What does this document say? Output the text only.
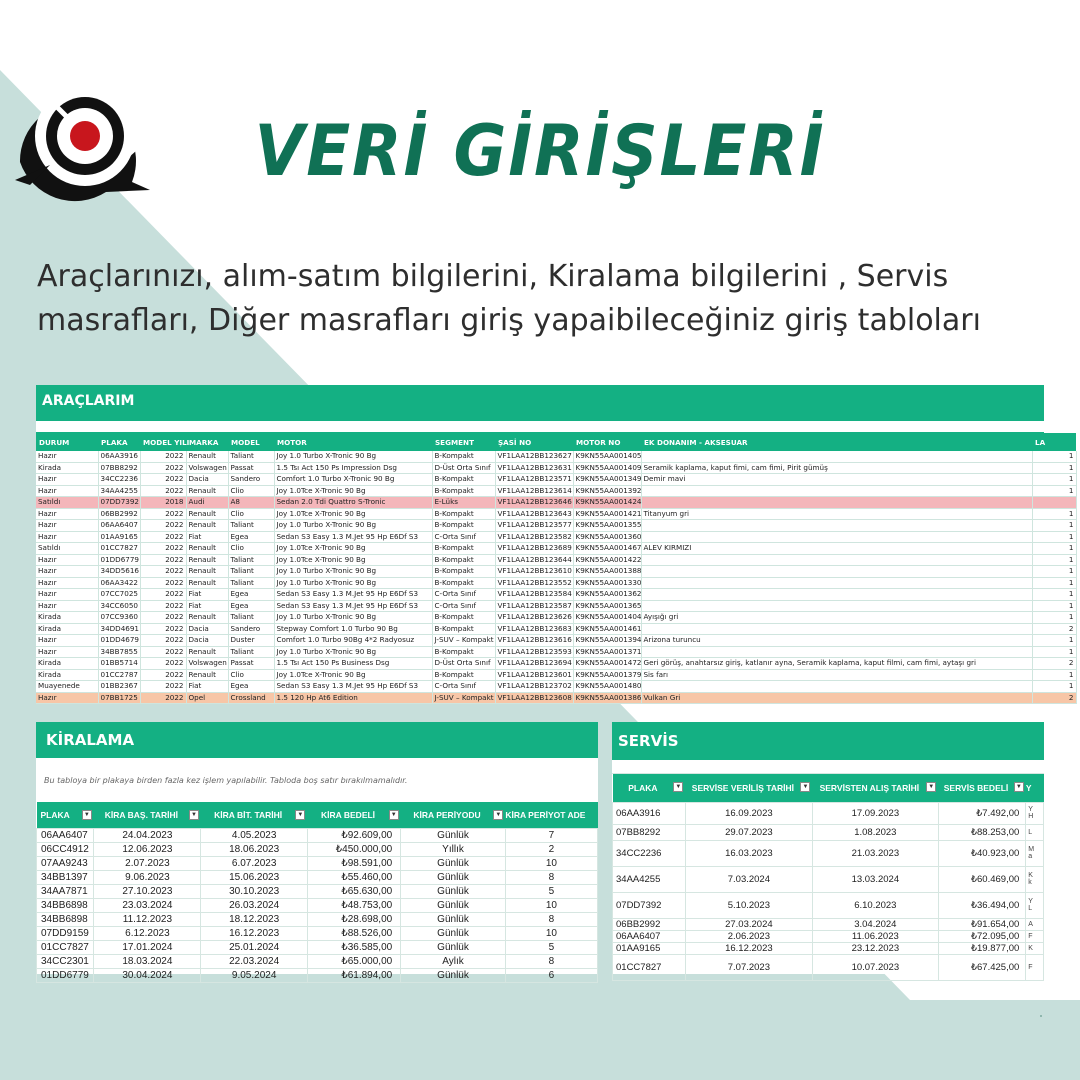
VERİ GİRİŞLERİ
Araçlarınızı, alım-satım bilgilerini, Kiralama bilgilerini , Servis masrafları, Diğer masrafları giriş yapaibileceğiniz giriş tabloları
ARAÇLARIM
DURUM	PLAKA	MODEL YILI	MARKA	MODEL	MOTOR	SEGMENT	ŞASİ NO	MOTOR NO	EK DONANIM - AKSESUAR	LA
Hazır	06AA3916	2022	Renault	Taliant	Joy 1.0 Turbo X-Tronic 90 Bg	B-Kompakt	VF1LAA12BB123627	K9KN55AA001405		1
Kirada	07BB8292	2022	Volswagen	Passat	1.5 Tsı Act 150 Ps Impression Dsg	D-Üst Orta Sınıf	VF1LAA12BB123631	K9KN55AA001409	Seramik kaplama, kaput fimi, cam fimi, Pirit gümüş	1
Hazır	34CC2236	2022	Dacia	Sandero	Comfort 1.0 Turbo X-Tronic 90 Bg	B-Kompakt	VF1LAA12BB123571	K9KN55AA001349	Demir mavi	1
Hazır	34AA4255	2022	Renault	Clio	Joy 1.0Tce X-Tronic 90 Bg	B-Kompakt	VF1LAA12BB123614	K9KN55AA001392		1
Satıldı	07DD7392	2018	Audi	A8	Sedan 2.0 Tdi Quattro S-Tronic	E-Lüks	VF1LAA12BB123646	K9KN55AA001424		
Hazır	06BB2992	2022	Renault	Clio	Joy 1.0Tce X-Tronic 90 Bg	B-Kompakt	VF1LAA12BB123643	K9KN55AA001421	Titanyum gri	1
Hazır	06AA6407	2022	Renault	Taliant	Joy 1.0 Turbo X-Tronic 90 Bg	B-Kompakt	VF1LAA12BB123577	K9KN55AA001355		1
Hazır	01AA9165	2022	Fiat	Egea	Sedan S3 Easy 1.3 M.Jet 95 Hp E6Df S3	C-Orta Sınıf	VF1LAA12BB123582	K9KN55AA001360		1
Satıldı	01CC7827	2022	Renault	Clio	Joy 1.0Tce X-Tronic 90 Bg	B-Kompakt	VF1LAA12BB123689	K9KN55AA001467	ALEV KIRMIZI	1
Hazır	01DD6779	2022	Renault	Taliant	Joy 1.0Tce X-Tronic 90 Bg	B-Kompakt	VF1LAA12BB123644	K9KN55AA001422		1
Hazır	34DD5616	2022	Renault	Taliant	Joy 1.0 Turbo X-Tronic 90 Bg	B-Kompakt	VF1LAA12BB123610	K9KN55AA001388		1
Hazır	06AA3422	2022	Renault	Taliant	Joy 1.0 Turbo X-Tronic 90 Bg	B-Kompakt	VF1LAA12BB123552	K9KN55AA001330		1
Hazır	07CC7025	2022	Fiat	Egea	Sedan S3 Easy 1.3 M.Jet 95 Hp E6Df S3	C-Orta Sınıf	VF1LAA12BB123584	K9KN55AA001362		1
Hazır	34CC6050	2022	Fiat	Egea	Sedan S3 Easy 1.3 M.Jet 95 Hp E6Df S3	C-Orta Sınıf	VF1LAA12BB123587	K9KN55AA001365		1
Kirada	07CC9360	2022	Renault	Taliant	Joy 1.0 Turbo X-Tronic 90 Bg	B-Kompakt	VF1LAA12BB123626	K9KN55AA001404	Ayışığı gri	1
Kirada	34DD4691	2022	Dacia	Sandero	Stepway Comfort 1.0 Turbo 90 Bg	B-Kompakt	VF1LAA12BB123683	K9KN55AA001461		2
Hazır	01DD4679	2022	Dacia	Duster	Comfort 1.0 Turbo 90Bg 4*2 Radyosuz	J-SUV – Kompakt	VF1LAA12BB123616	K9KN55AA001394	Arizona turuncu	1
Hazır	34BB7855	2022	Renault	Taliant	Joy 1.0 Turbo X-Tronic 90 Bg	B-Kompakt	VF1LAA12BB123593	K9KN55AA001371		1
Kirada	01BB5714	2022	Volswagen	Passat	1.5 Tsı Act 150 Ps Business Dsg	D-Üst Orta Sınıf	VF1LAA12BB123694	K9KN55AA001472	Geri görüş, anahtarsız giriş, katlanır ayna, Seramik kaplama, kaput filmi, cam fimi, aytaşı gri	2
Kirada	01CC2787	2022	Renault	Clio	Joy 1.0Tce X-Tronic 90 Bg	B-Kompakt	VF1LAA12BB123601	K9KN55AA001379	Sis farı	1
Muayenede	01BB2367	2022	Fiat	Egea	Sedan S3 Easy 1.3 M.Jet 95 Hp E6Df S3	C-Orta Sınıf	VF1LAA12BB123702	K9KN55AA001480		1
Hazır	07BB1725	2022	Opel	Crossland	1.5 120 Hp At6 Edition	J-SUV – Kompakt	VF1LAA12BB123608	K9KN55AA001386	Vulkan Gri	2
KİRALAMA
Bu tabloya bir plakaya birden fazla kez işlem yapılabilir. Tabloda boş satır bırakılmamalıdır.
PLAKA ▼	KİRA BAŞ. TARİHİ ▼	KİRA BİT. TARİHİ ▼	KİRA BEDELİ ▼	KİRA PERİYODU ▼	KİRA PERİYOT ADE
06AA6407	24.04.2023	4.05.2023	₺92.609,00	Günlük	7
06CC4912	12.06.2023	18.06.2023	₺450.000,00	Yıllık	2
07AA9243	2.07.2023	6.07.2023	₺98.591,00	Günlük	10
34BB1397	9.06.2023	15.06.2023	₺55.460,00	Günlük	8
34AA7871	27.10.2023	30.10.2023	₺65.630,00	Günlük	5
34BB6898	23.03.2024	26.03.2024	₺48.753,00	Günlük	10
34BB6898	11.12.2023	18.12.2023	₺28.698,00	Günlük	8
07DD9159	6.12.2023	16.12.2023	₺88.526,00	Günlük	10
01CC7827	17.01.2024	25.01.2024	₺36.585,00	Günlük	5
34CC2301	18.03.2024	22.03.2024	₺65.000,00	Aylık	8
01DD6779	30.04.2024	9.05.2024	₺61.894,00	Günlük	6
SERVİS
PLAKA ▼	SERVİSE VERİLİŞ TARİHİ ▼	SERVİSTEN ALIŞ TARİHİ ▼	SERVİS BEDELİ ▼	Y
06AA3916	16.09.2023	17.09.2023	₺7.492,00	Y
H
07BB8292	29.07.2023	1.08.2023	₺88.253,00	L
34CC2236	16.03.2023	21.03.2023	₺40.923,00	M
a
34AA4255	7.03.2024	13.03.2024	₺60.469,00	K
k
07DD7392	5.10.2023	6.10.2023	₺36.494,00	Y
L
06BB2992	27.03.2024	3.04.2024	₺91.654,00	A
06AA6407	2.06.2023	11.06.2023	₺72.095,00	F
01AA9165	16.12.2023	23.12.2023	₺19.877,00	K
01CC7827	7.07.2023	10.07.2023	₺67.425,00	F
